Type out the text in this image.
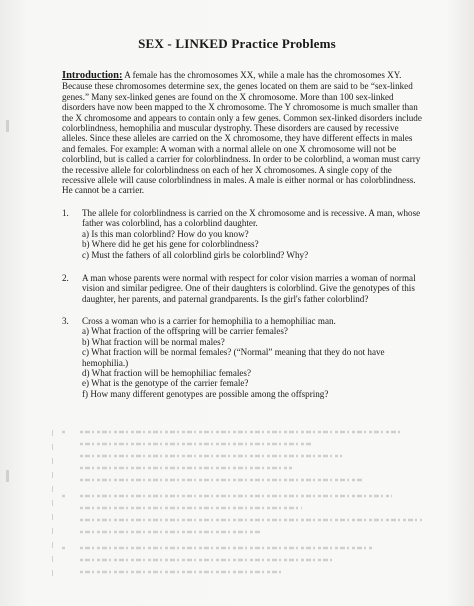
SEX - LINKED Practice Problems
Introduction: A female has the chromosomes XX, while a male has the chromosomes XY. Because these chromosomes determine sex, the genes located on them are said to be “sex-linked genes.” Many sex-linked genes are found on the X chromosome. More than 100 sex-linked disorders have now been mapped to the X chromosome. The Y chromosome is much smaller than the X chromosome and appears to contain only a few genes. Common sex-linked disorders include colorblindness, hemophilia and muscular dystrophy. These disorders are caused by recessive alleles. Since these alleles are carried on the X chromosome, they have different effects in males and females. For example: A woman with a normal allele on one X chromosome will not be colorblind, but is called a carrier for colorblindness. In order to be colorblind, a woman must carry the recessive allele for colorblindness on each of her X chromosomes. A single copy of the recessive allele will cause colorblindness in males. A male is either normal or has colorblindness. He cannot be a carrier.
1. The allele for colorblindness is carried on the X chromosome and is recessive. A man, whose father was colorblind, has a colorblind daughter.
a) Is this man colorblind? How do you know?
b) Where did he get his gene for colorblindness?
c) Must the fathers of all colorblind girls be colorblind? Why?
2. A man whose parents were normal with respect for color vision marries a woman of normal vision and similar pedigree. One of their daughters is colorblind. Give the genotypes of this daughter, her parents, and paternal grandparents. Is the girl's father colorblind?
3. Cross a woman who is a carrier for hemophilia to a hemophiliac man.
a) What fraction of the offspring will be carrier females?
b) What fraction will be normal males?
c) What fraction will be normal females? (“Normal” meaning that they do not have hemophilia.)
d) What fraction will be hemophiliac females?
e) What is the genotype of the carrier female?
f) How many different genotypes are possible among the offspring?
